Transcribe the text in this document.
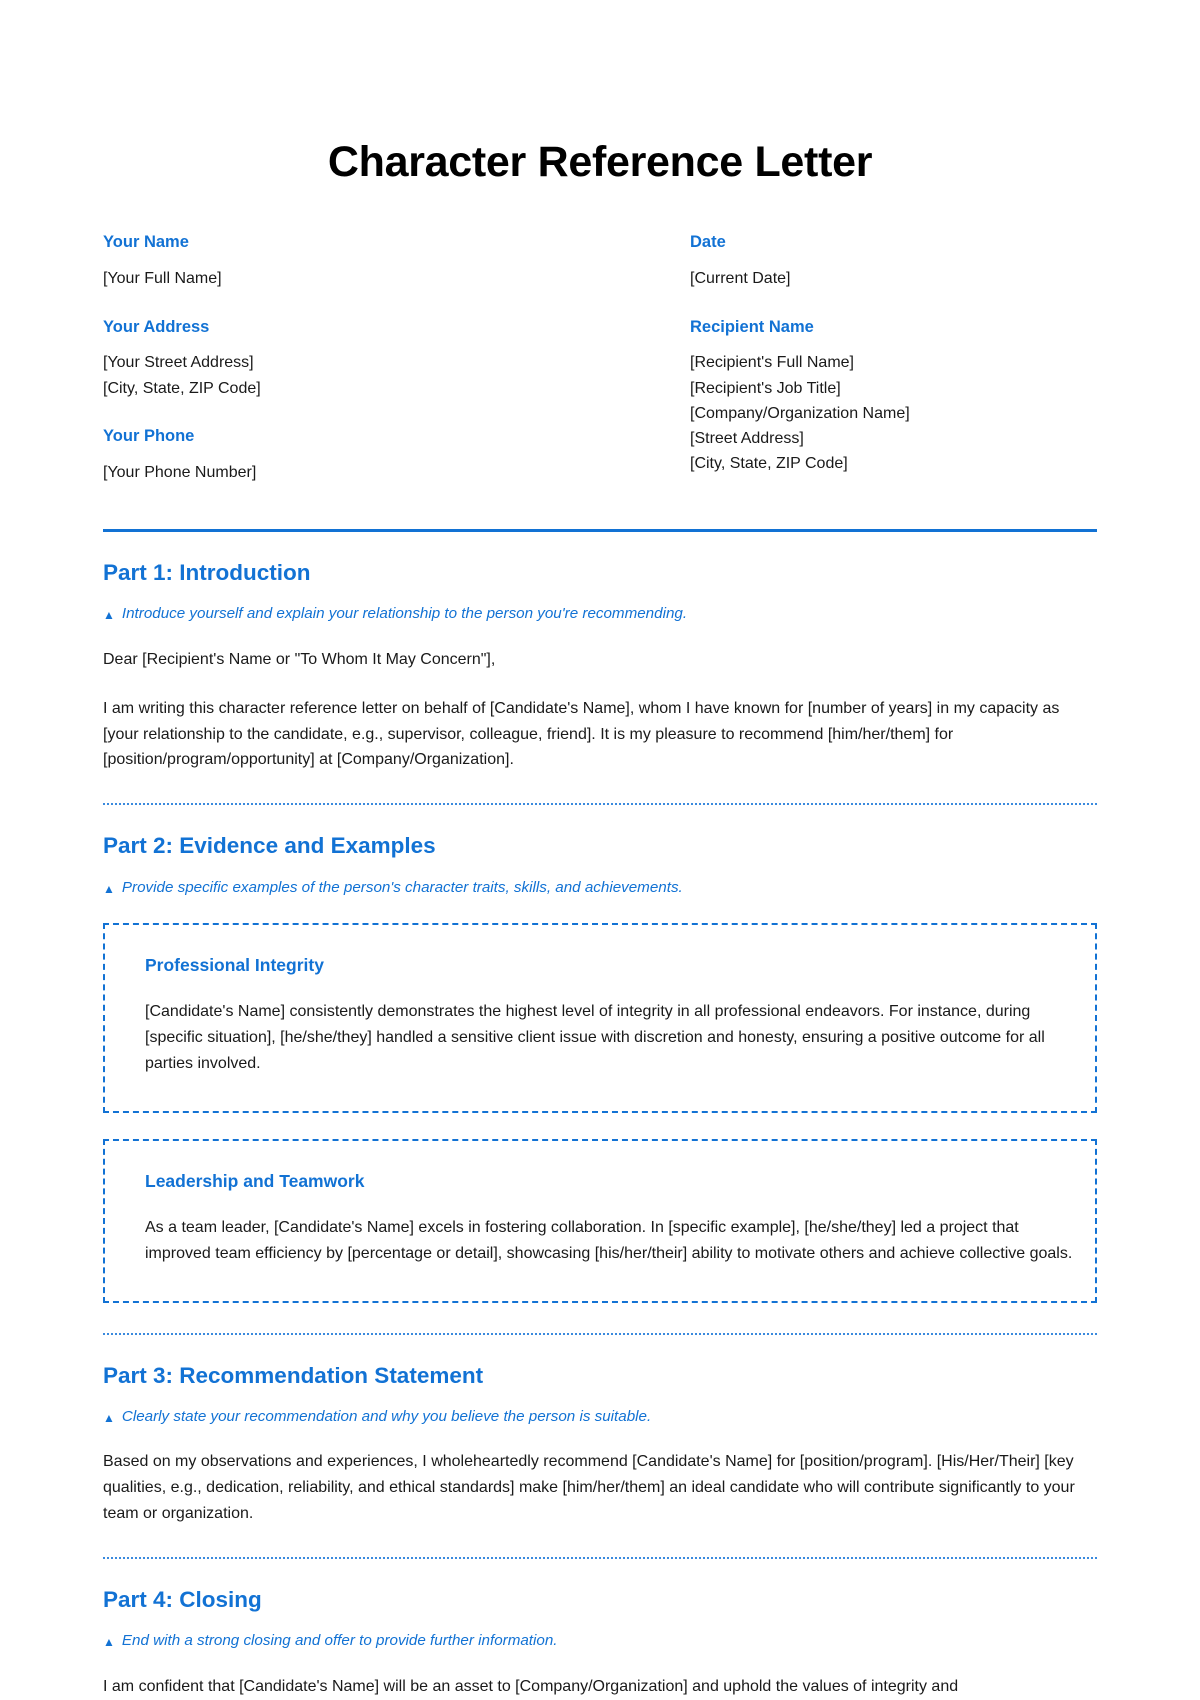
Character Reference Letter
Your Name

[Your Full Name]

Your Address

[Your Street Address]

[City, State, ZIP Code]

Your Phone

[Your Phone Number]

Date

[Current Date]

Recipient Name

[Recipient's Full Name]

[Recipient's Job Title]

[Company/Organization Name]

[Street Address]

[City, State, ZIP Code]

Part 1: Introduction
▲ Introduce yourself and explain your relationship to the person you're recommending.

Dear [Recipient's Name or "To Whom It May Concern"],

I am writing this character reference letter on behalf of [Candidate's Name], whom I have known for [number of years] in my capacity as [your relationship to the candidate, e.g., supervisor, colleague, friend]. It is my pleasure to recommend [him/her/them] for [position/program/opportunity] at [Company/Organization].

Part 2: Evidence and Examples
▲ Provide specific examples of the person's character traits, skills, and achievements.
Professional Integrity

[Candidate's Name] consistently demonstrates the highest level of integrity in all professional endeavors. For instance, during [specific situation], [he/she/they] handled a sensitive client issue with discretion and honesty, ensuring a positive outcome for all parties involved.

Leadership and Teamwork

As a team leader, [Candidate's Name] excels in fostering collaboration. In [specific example], [he/she/they] led a project that improved team efficiency by [percentage or detail], showcasing [his/her/their] ability to motivate others and achieve collective goals.

Part 3: Recommendation Statement
▲ Clearly state your recommendation and why you believe the person is suitable.

Based on my observations and experiences, I wholeheartedly recommend [Candidate's Name] for [position/program]. [His/Her/Their] [key qualities, e.g., dedication, reliability, and ethical standards] make [him/her/them] an ideal candidate who will contribute significantly to your team or organization.

Part 4: Closing
▲ End with a strong closing and offer to provide further information.

I am confident that [Candidate's Name] will be an asset to [Company/Organization] and uphold the values of integrity and
